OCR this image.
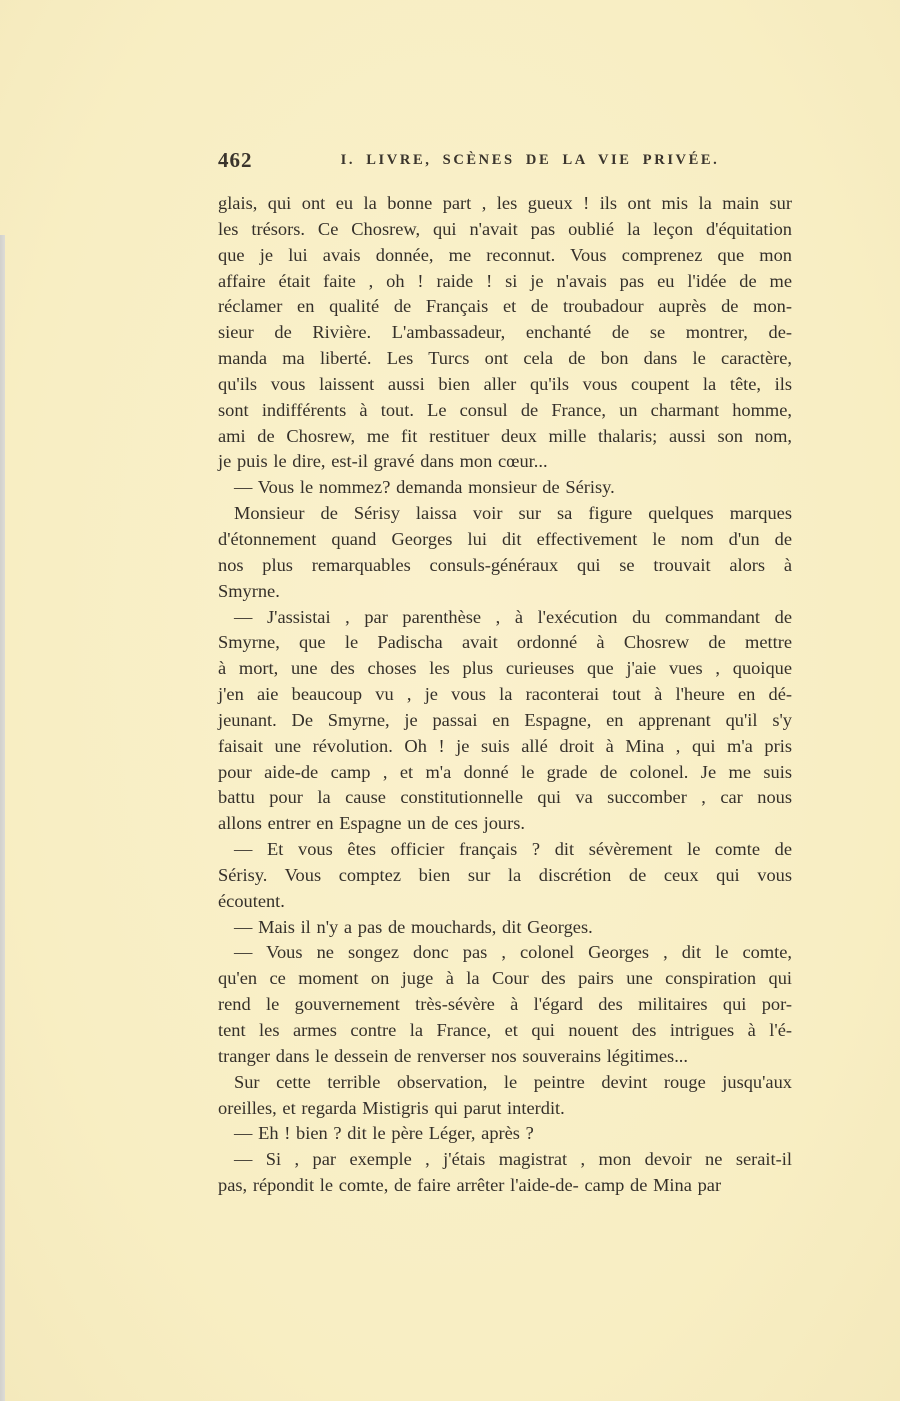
462	I. LIVRE, SCÈNES DE LA VIE PRIVÉE.
glais, qui ont eu la bonne part , les gueux ! ils ont mis la main sur
les trésors. Ce Chosrew, qui n'avait pas oublié la leçon d'équitation
que je lui avais donnée, me reconnut. Vous comprenez que mon
affaire était faite , oh ! raide ! si je n'avais pas eu l'idée de me
réclamer en qualité de Français et de troubadour auprès de mon-
sieur de Rivière. L'ambassadeur, enchanté de se montrer, de-
manda ma liberté. Les Turcs ont cela de bon dans le caractère,
qu'ils vous laissent aussi bien aller qu'ils vous coupent la tête, ils
sont indifférents à tout. Le consul de France, un charmant homme,
ami de Chosrew, me fit restituer deux mille thalaris; aussi son nom,
je puis le dire, est-il gravé dans mon cœur...
— Vous le nommez? demanda monsieur de Sérisy.
Monsieur de Sérisy laissa voir sur sa figure quelques marques
d'étonnement quand Georges lui dit effectivement le nom d'un de
nos plus remarquables consuls-généraux qui se trouvait alors à
Smyrne.
— J'assistai , par parenthèse , à l'exécution du commandant de
Smyrne, que le Padischa avait ordonné à Chosrew de mettre
à mort, une des choses les plus curieuses que j'aie vues , quoique
j'en aie beaucoup vu , je vous la raconterai tout à l'heure en dé-
jeunant. De Smyrne, je passai en Espagne, en apprenant qu'il s'y
faisait une révolution. Oh ! je suis allé droit à Mina , qui m'a pris
pour aide-de camp , et m'a donné le grade de colonel. Je me suis
battu pour la cause constitutionnelle qui va succomber , car nous
allons entrer en Espagne un de ces jours.
— Et vous êtes officier français ? dit sévèrement le comte de
Sérisy. Vous comptez bien sur la discrétion de ceux qui vous
écoutent.
— Mais il n'y a pas de mouchards, dit Georges.
— Vous ne songez donc pas , colonel Georges , dit le comte,
qu'en ce moment on juge à la Cour des pairs une conspiration qui
rend le gouvernement très-sévère à l'égard des militaires qui por-
tent les armes contre la France, et qui nouent des intrigues à l'é-
tranger dans le dessein de renverser nos souverains légitimes...
Sur cette terrible observation, le peintre devint rouge jusqu'aux
oreilles, et regarda Mistigris qui parut interdit.
— Eh ! bien ? dit le père Léger, après ?
— Si , par exemple , j'étais magistrat , mon devoir ne serait-il
pas, répondit le comte, de faire arrêter l'aide-de- camp de Mina par
